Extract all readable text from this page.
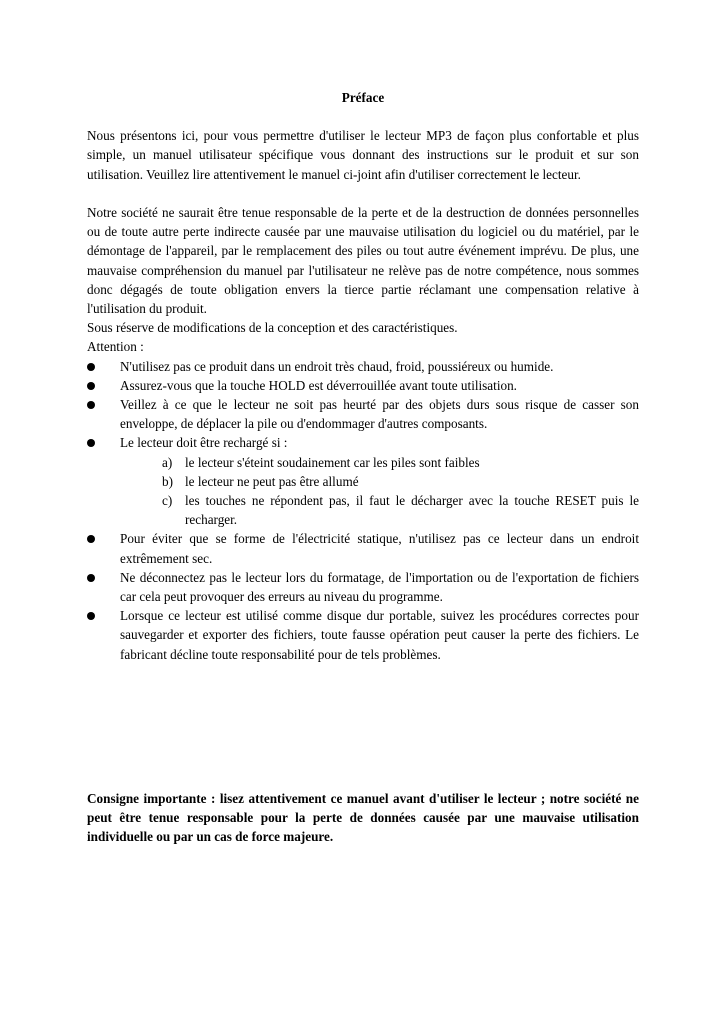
Préface

Nous présentons ici, pour vous permettre d'utiliser le lecteur MP3 de façon plus confortable et plus simple, un manuel utilisateur spécifique vous donnant des instructions sur le produit et sur son utilisation. Veuillez lire attentivement le manuel ci-joint afin d'utiliser correctement le lecteur.

Notre société ne saurait être tenue responsable de la perte et de la destruction de données personnelles ou de toute autre perte indirecte causée par une mauvaise utilisation du logiciel ou du matériel, par le démontage de l'appareil, par le remplacement des piles ou tout autre événement imprévu. De plus, une mauvaise compréhension du manuel par l'utilisateur ne relève pas de notre compétence, nous sommes donc dégagés de toute obligation envers la tierce partie réclamant une compensation relative à l'utilisation du produit.

Sous réserve de modifications de la conception et des caractéristiques.

Attention :

N'utilisez pas ce produit dans un endroit très chaud, froid, poussiéreux ou humide.
Assurez-vous que la touche HOLD est déverrouillée avant toute utilisation.
Veillez à ce que le lecteur ne soit pas heurté par des objets durs sous risque de casser son enveloppe, de déplacer la pile ou d'endommager d'autres composants.
Le lecteur doit être rechargé si :
a) le lecteur s'éteint soudainement car les piles sont faibles
b) le lecteur ne peut pas être allumé
c) les touches ne répondent pas, il faut le décharger avec la touche RESET puis le recharger.
Pour éviter que se forme de l'électricité statique, n'utilisez pas ce lecteur dans un endroit extrêmement sec.
Ne déconnectez pas le lecteur lors du formatage, de l'importation ou de l'exportation de fichiers car cela peut provoquer des erreurs au niveau du programme.
Lorsque ce lecteur est utilisé comme disque dur portable, suivez les procédures correctes pour sauvegarder et exporter des fichiers, toute fausse opération peut causer la perte des fichiers. Le fabricant décline toute responsabilité pour de tels problèmes.

Consigne importante : lisez attentivement ce manuel avant d'utiliser le lecteur ; notre société ne peut être tenue responsable pour la perte de données causée par une mauvaise utilisation individuelle ou par un cas de force majeure.
